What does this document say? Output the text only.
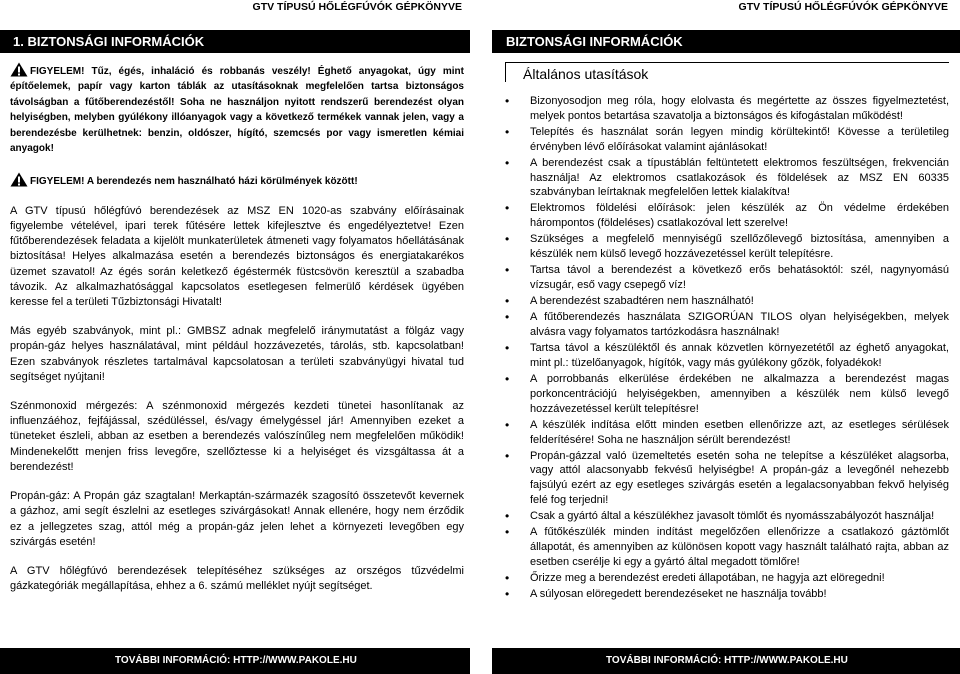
GTV TÍPUSÚ HŐLÉGFÚVÓK GÉPKÖNYVE	GTV TÍPUSÚ HŐLÉGFÚVÓK GÉPKÖNYVE
1. BIZTONSÁGI INFORMÁCIÓK	BIZTONSÁGI INFORMÁCIÓK

FIGYELEM! Tűz, égés, inhaláció és robbanás veszély! Éghető anyagokat, úgy mint építőelemek, papír vagy karton táblák az utasításoknak megfelelően tartsa biztonságos távolságban a fűtőberendezéstől! Soha ne használjon nyitott rendszerű berendezést olyan helyiségben, melyben gyúlékony illóanyagok vagy a következő termékek vannak jelen, vagy a berendezésbe kerülhetnek: benzin, oldószer, hígító, szemcsés por vagy ismeretlen kémiai anyagok!

FIGYELEM! A berendezés nem használható házi körülmények között!

A GTV típusú hőlégfúvó berendezések az MSZ EN 1020-as szabvány előírásainak figyelembe vételével, ipari terek fűtésére lettek kifejlesztve és engedélyeztetve! Ezen fűtőberendezések feladata a kijelölt munkaterületek átmeneti vagy folyamatos hőellátásának biztosítása! Helyes alkalmazása esetén a berendezés biztonságos és energiatakarékos üzemet szavatol! Az égés során keletkező égéstermék füstcsövön keresztül a szabadba távozik. Az alkalmazhatósággal kapcsolatos esetlegesen felmerülő kérdések ügyében keresse fel a területi Tűzbiztonsági Hivatalt!

Más egyéb szabványok, mint pl.: GMBSZ adnak megfelelő iránymutatást a fölgáz vagy propán-gáz helyes használatával, mint például hozzávezetés, tárolás, stb. kapcsolatban! Ezen szabványok részletes tartalmával kapcsolatosan a területi szabványügyi hivatal tud segítséget nyújtani!

Szénmonoxid mérgezés: A szénmonoxid mérgezés kezdeti tünetei hasonlítanak az influenzáéhoz, fejfájással, szédüléssel, és/vagy émelygéssel jár! Amennyiben ezeket a tüneteket észleli, abban az esetben a berendezés valószínűleg nem megfelelően működik! Mindenekelőtt menjen friss levegőre, szellőztesse ki a helyiséget és vizsgáltassa át a berendezést!

Propán-gáz: A Propán gáz szagtalan! Merkaptán-származék szagosító összetevőt kevernek a gázhoz, ami segít észlelni az esetleges szivárgásokat! Annak ellenére, hogy nem érződik ez a jellegzetes szag, attól még a propán-gáz jelen lehet a környezeti levegőben egy szivárgás esetén!

A GTV hőlégfúvó berendezések telepítéséhez szükséges az orszégos tűzvédelmi gázkategóriák megállapítása, ehhez a 6. számú melléklet nyújt segítséget.

Általános utasítások
• Bizonyosodjon meg róla, hogy elolvasta és megértette az összes figyelmeztetést, melyek pontos betartása szavatolja a biztonságos és kifogástalan működést!
• Telepítés és használat során legyen mindig körültekintő! Kövesse a területileg érvényben lévő előírásokat valamint ajánlásokat!
• A berendezést csak a típustáblán feltüntetett elektromos feszültségen, frekvencián használja! Az elektromos csatlakozások és földelések az MSZ EN 60335 szabványban leírtaknak megfelelően lettek kialakítva!
• Elektromos földelési előírások: jelen készülék az Ön védelme érdekében hárompontos (földeléses) csatlakozóval lett szerelve!
• Szükséges a megfelelő mennyiségű szellőzőlevegő biztosítása, amennyiben a készülék nem külső levegő hozzávezetéssel került telepítésre.
• Tartsa távol a berendezést a következő erős behatásoktól: szél, nagynyomású vízsugár, eső vagy csepegő víz!
• A berendezést szabadtéren nem használható!
• A fűtőberendezés használata SZIGORÚAN TILOS olyan helyiségekben, melyek alvásra vagy folyamatos tartózkodásra használnak!
• Tartsa távol a készüléktől és annak közvetlen környezetétől az éghető anyagokat, mint pl.: tüzelőanyagok, hígítók, vagy más gyúlékony gőzök, folyadékok!
• A porrobbanás elkerülése érdekében ne alkalmazza a berendezést magas porkoncentrációjú helyiségekben, amennyiben a készülék nem külső levegő hozzávezetéssel került telepítésre!
• A készülék indítása előtt minden esetben ellenőrizze azt, az esetleges sérülések felderítésére! Soha ne használjon sérült berendezést!
• Propán-gázzal való üzemeltetés esetén soha ne telepítse a készüléket alagsorba, vagy attól alacsonyabb fekvésű helyiségbe! A propán-gáz a levegőnél nehezebb fajsúlyú ezért az egy esetleges szivárgás esetén a legalacsonyabban fekvő helyiség felé fog terjedni!
• Csak a gyártó által a készülékhez javasolt tömlőt és nyomásszabályozót használja!
• A fűtőkészülék minden indítást megelőzően ellenőrizze a csatlakozó gáztömlőt állapotát, és amennyiben az különösen kopott vagy használt található rajta, abban az esetben cserélje ki egy a gyártó által megadott tömlőre!
• Őrizze meg a berendezést eredeti állapotában, ne hagyja azt elöregedni!
• A súlyosan elöregedett berendezéseket ne használja tovább!
TOVÁBBI INFORMÁCIÓ: HTTP://WWW.PAKOLE.HU	TOVÁBBI INFORMÁCIÓ: HTTP://WWW.PAKOLE.HU
